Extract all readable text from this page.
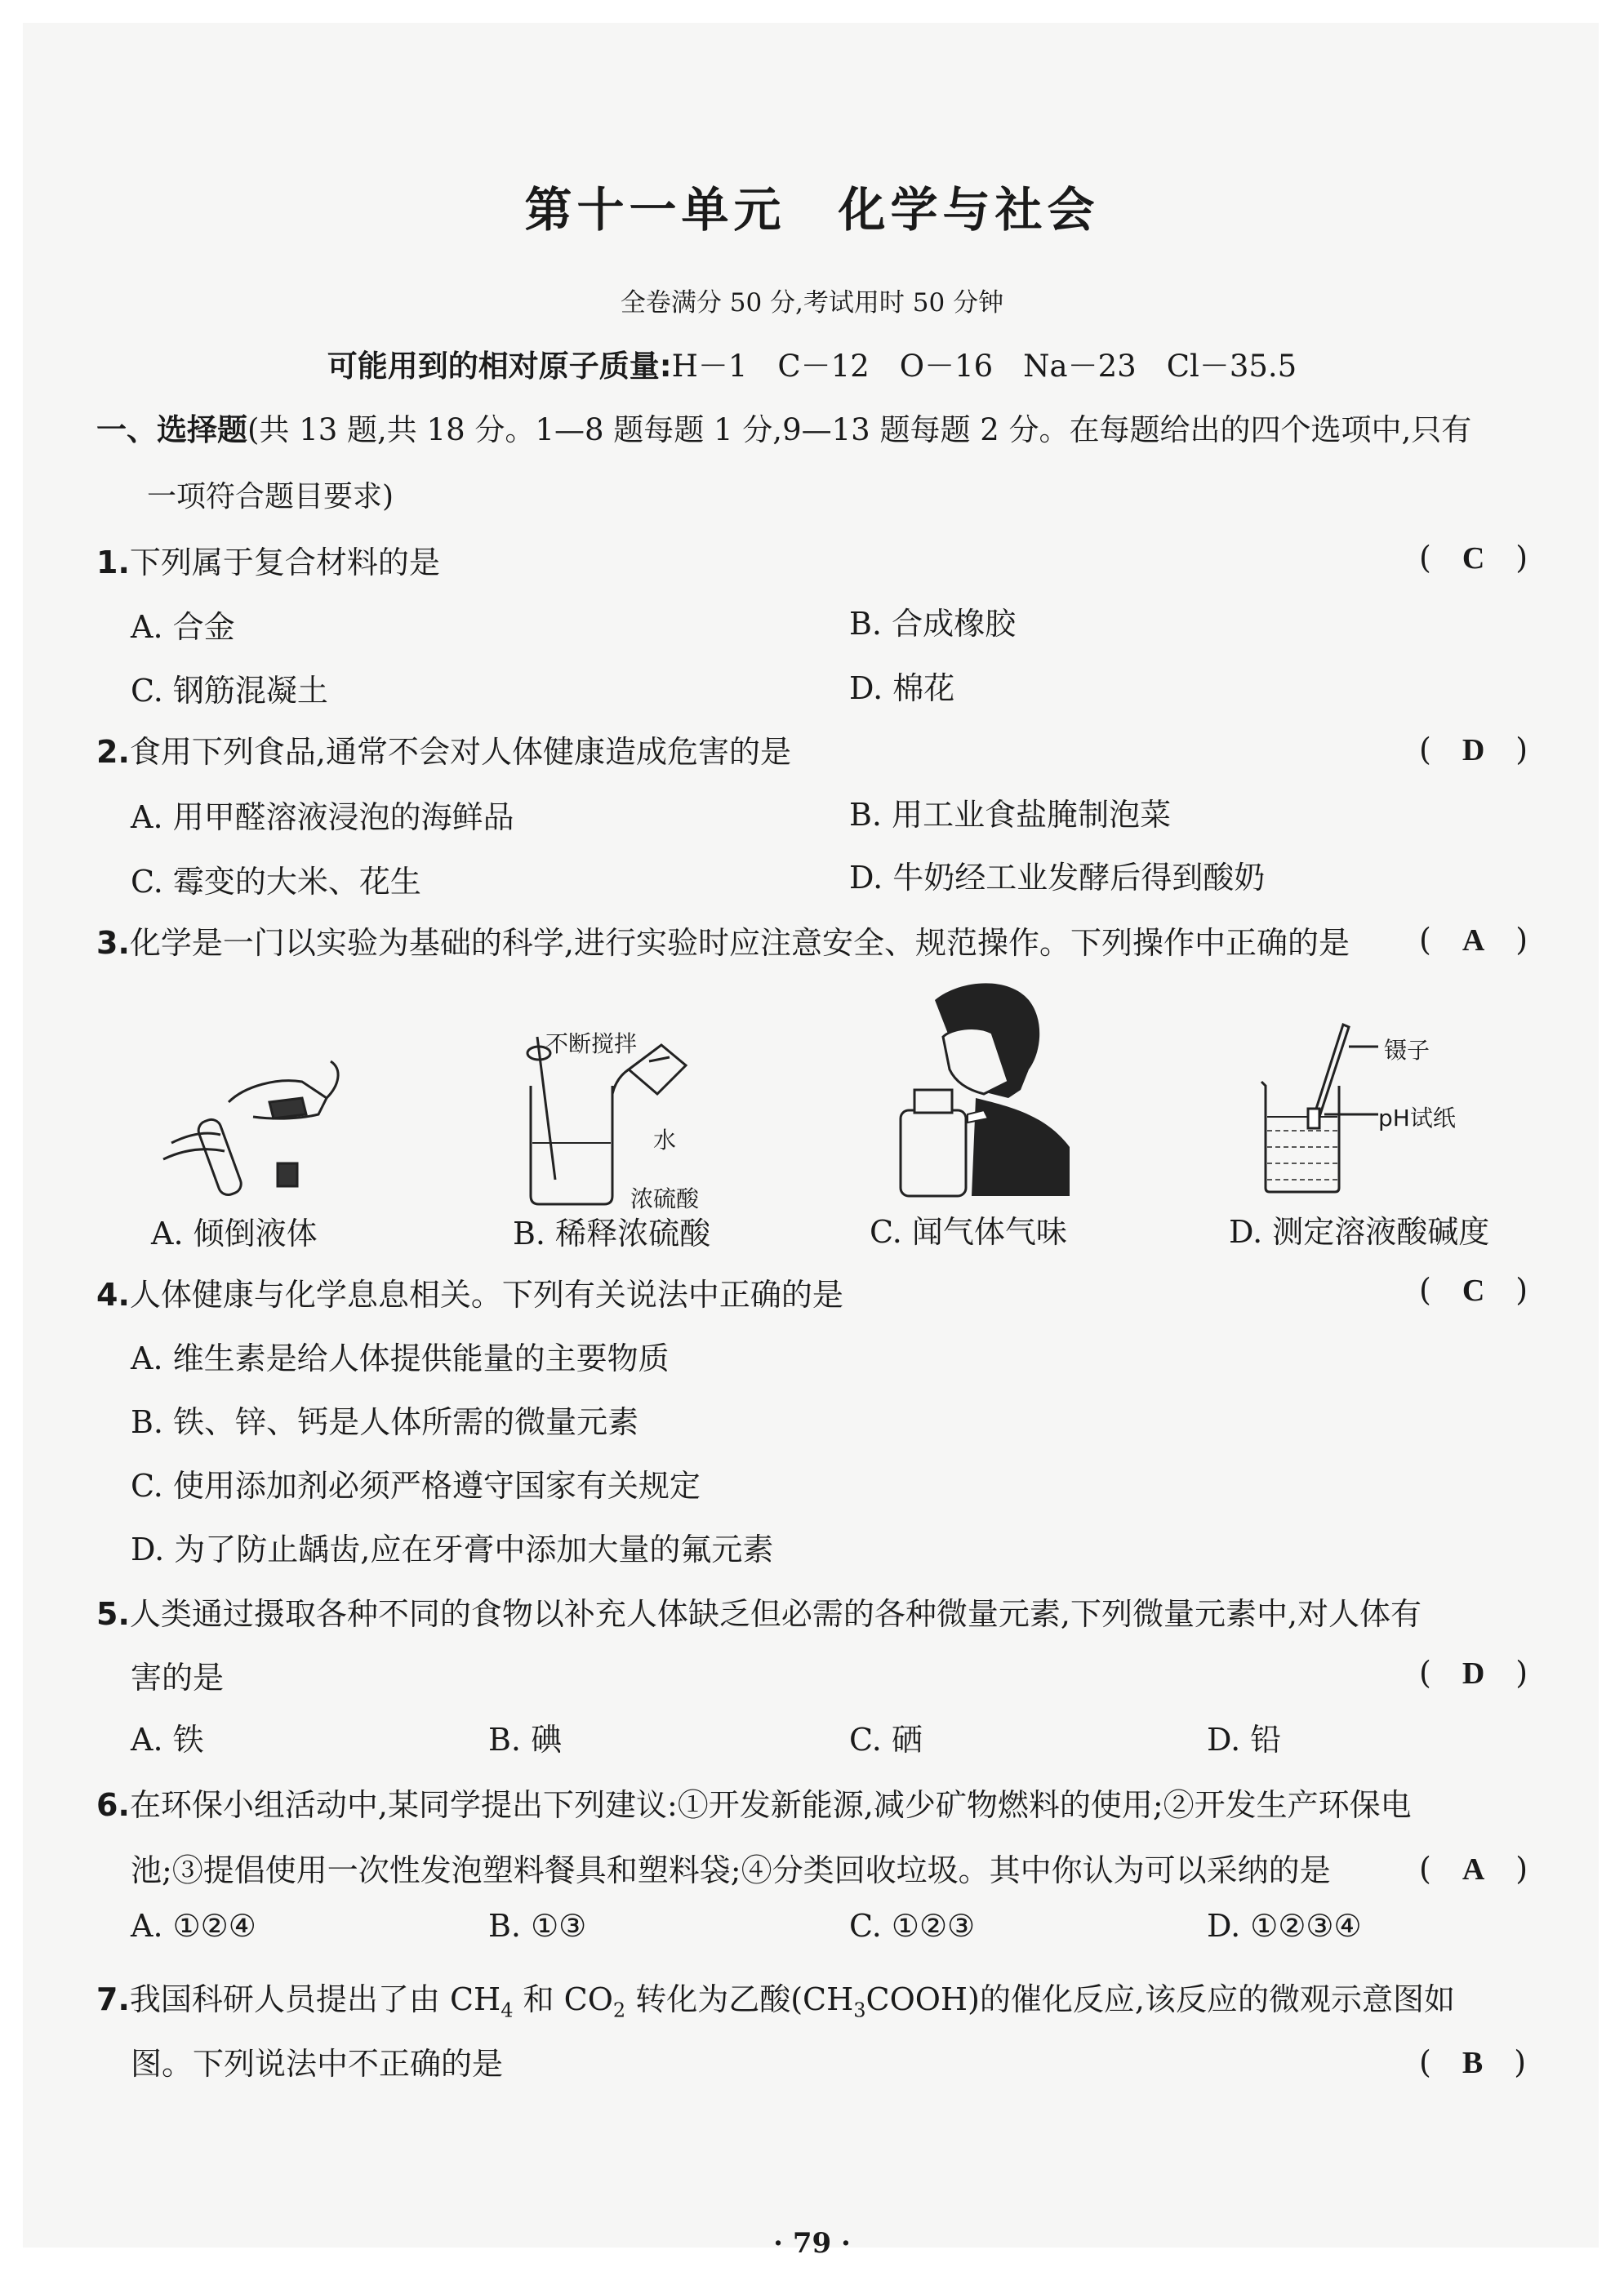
第十一单元　化学与社会
全卷满分 50 分,考试用时 50 分钟
可能用到的相对原子质量:H－1　C－12　O－16　Na－23　Cl－35.5
一、选择题(共 13 题,共 18 分。1—8 题每题 1 分,9—13 题每题 2 分。在每题给出的四个选项中,只有
一项符合题目要求)
1.下列属于复合材料的是	(　C　)
A. 合金	B. 合成橡胶
C. 钢筋混凝土	D. 棉花
2.食用下列食品,通常不会对人体健康造成危害的是	(　D　)
A. 用甲醛溶液浸泡的海鲜品	B. 用工业食盐腌制泡菜
C. 霉变的大米、花生	D. 牛奶经工业发酵后得到酸奶
3.化学是一门以实验为基础的科学,进行实验时应注意安全、规范操作。下列操作中正确的是 (　A　)
A. 倾倒液体
不断搅拌
水
浓硫酸
B. 稀释浓硫酸	C. 闻气体气味
镊子
pH试纸
D. 测定溶液酸碱度
4.人体健康与化学息息相关。下列有关说法中正确的是	(　C　)
A. 维生素是给人体提供能量的主要物质
B. 铁、锌、钙是人体所需的微量元素
C. 使用添加剂必须严格遵守国家有关规定
D. 为了防止龋齿,应在牙膏中添加大量的氟元素
5.人类通过摄取各种不同的食物以补充人体缺乏但必需的各种微量元素,下列微量元素中,对人体有
害的是	(　D　)
A. 铁	B. 碘	C. 硒	D. 铅
6.在环保小组活动中,某同学提出下列建议:①开发新能源,减少矿物燃料的使用;②开发生产环保电
池;③提倡使用一次性发泡塑料餐具和塑料袋;④分类回收垃圾。其中你认为可以采纳的是	(　A　)
A. ①②④	B. ①③	C. ①②③	D. ①②③④
7.我国科研人员提出了由 $CH_4$ 和 $CO_2$ 转化为乙酸$(CH_3COOH)$的催化反应,该反应的微观示意图如
图。下列说法中不正确的是	(　B　)
· 79 ·
